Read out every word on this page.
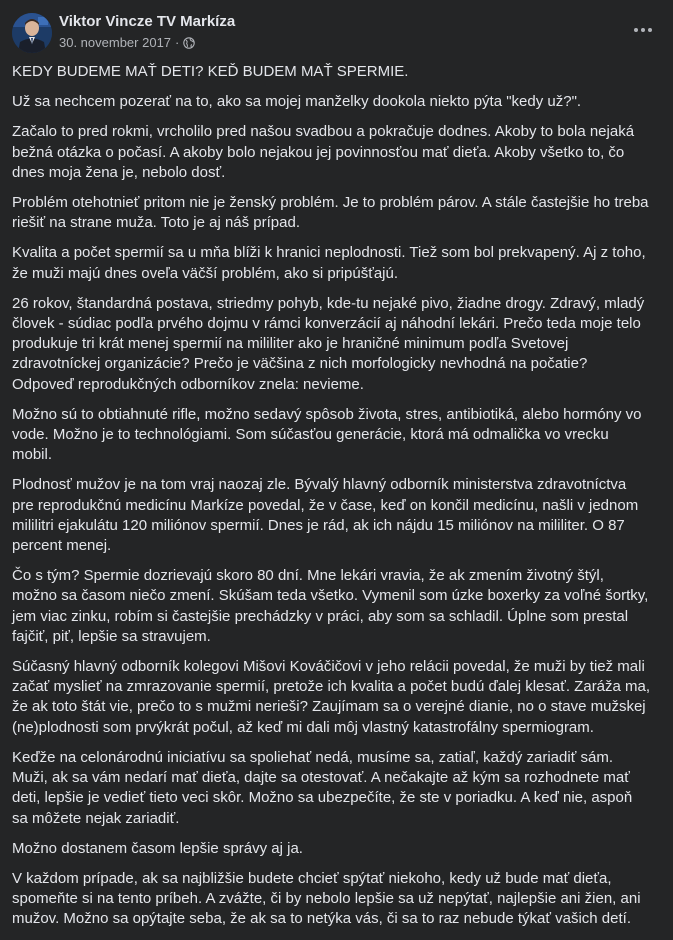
Viktor Vincze TV Markíza
30. november 2017 ·

KEDY BUDEME MAŤ DETI? KEĎ BUDEM MAŤ SPERMIE.

Už sa nechcem pozerať na to, ako sa mojej manželky dookola niekto pýta "kedy už?".

Začalo to pred rokmi, vrcholilo pred našou svadbou a pokračuje dodnes. Akoby to bola nejaká bežná otázka o počasí. A akoby bolo nejakou jej povinnosťou mať dieťa. Akoby všetko to, čo dnes moja žena je, nebolo dosť.

Problém otehotnieť pritom nie je ženský problém. Je to problém párov. A stále častejšie ho treba riešiť na strane muža. Toto je aj náš prípad.

Kvalita a počet spermií sa u mňa blíži k hranici neplodnosti. Tiež som bol prekvapený. Aj z toho, že muži majú dnes oveľa väčší problém, ako si pripúšťajú.

26 rokov, štandardná postava, striedmy pohyb, kde-tu nejaké pivo, žiadne drogy. Zdravý, mladý človek - súdiac podľa prvého dojmu v rámci konverzácií aj náhodní lekári. Prečo teda moje telo produkuje tri krát menej spermií na mililiter ako je hraničné minimum podľa Svetovej zdravotníckej organizácie? Prečo je väčšina z nich morfologicky nevhodná na počatie? Odpoveď reprodukčných odborníkov znela: nevieme.

Možno sú to obtiahnuté rifle, možno sedavý spôsob života, stres, antibiotiká, alebo hormóny vo vode. Možno je to technológiami. Som súčasťou generácie, ktorá má odmalička vo vrecku mobil.

Plodnosť mužov je na tom vraj naozaj zle. Bývalý hlavný odborník ministerstva zdravotníctva pre reprodukčnú medicínu Markíze povedal, že v čase, keď on končil medicínu, našli v jednom mililitri ejakulátu 120 miliónov spermií. Dnes je rád, ak ich nájdu 15 miliónov na mililiter. O 87 percent menej.

Čo s tým? Spermie dozrievajú skoro 80 dní. Mne lekári vravia, že ak zmením životný štýl, možno sa časom niečo zmení. Skúšam teda všetko. Vymenil som úzke boxerky za voľné šortky, jem viac zinku, robím si častejšie prechádzky v práci, aby som sa schladil. Úplne som prestal fajčiť, piť, lepšie sa stravujem.

Súčasný hlavný odborník kolegovi Mišovi Kováčičovi v jeho relácii povedal, že muži by tiež mali začať myslieť na zmrazovanie spermií, pretože ich kvalita a počet budú ďalej klesať. Zaráža ma, že ak toto štát vie, prečo to s mužmi nerieši? Zaujímam sa o verejné dianie, no o stave mužskej (ne)plodnosti som prvýkrát počul, až keď mi dali môj vlastný katastrofálny spermiogram.

Keďže na celonárodnú iniciatívu sa spoliehať nedá, musíme sa, zatiaľ, každý zariadiť sám. Muži, ak sa vám nedarí mať dieťa, dajte sa otestovať. A nečakajte až kým sa rozhodnete mať deti, lepšie je vedieť tieto veci skôr. Možno sa ubezpečíte, že ste v poriadku. A keď nie, aspoň sa môžete nejak zariadiť.

Možno dostanem časom lepšie správy aj ja.

V každom prípade, ak sa najbližšie budete chcieť spýtať niekoho, kedy už bude mať dieťa, spomeňte si na tento príbeh. A zvážte, či by nebolo lepšie sa už nepýtať, najlepšie ani žien, ani mužov. Možno sa opýtajte seba, že ak sa to netýka vás, či sa to raz nebude týkať vašich detí.
